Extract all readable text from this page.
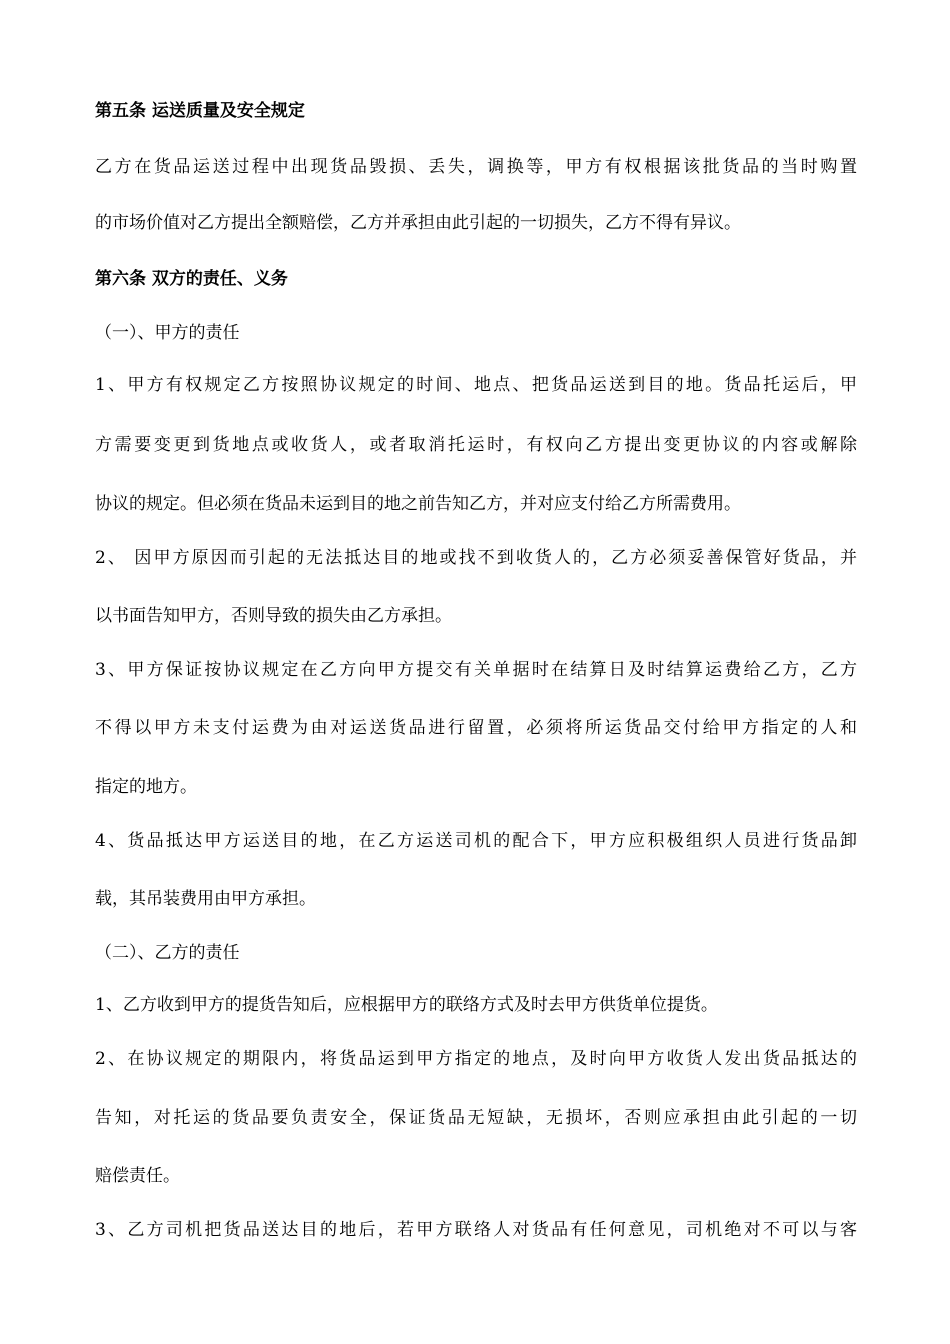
第五条 运送质量及安全规定
乙方在货品运送过程中出现货品毁损、丢失，调换等，甲方有权根据该批货品的当时购置
的市场价值对乙方提出全额赔偿，乙方并承担由此引起的一切损失，乙方不得有异议。
第六条 双方的责任、义务
（一）、甲方的责任
1、甲方有权规定乙方按照协议规定的时间、地点、把货品运送到目的地。货品托运后，甲
方需要变更到货地点或收货人，或者取消托运时，有权向乙方提出变更协议的内容或解除
协议的规定。但必须在货品未运到目的地之前告知乙方，并对应支付给乙方所需费用。
2、 因甲方原因而引起的无法抵达目的地或找不到收货人的，乙方必须妥善保管好货品，并
以书面告知甲方，否则导致的损失由乙方承担。
3、甲方保证按协议规定在乙方向甲方提交有关单据时在结算日及时结算运费给乙方，乙方
不得以甲方未支付运费为由对运送货品进行留置，必须将所运货品交付给甲方指定的人和
指定的地方。
4、货品抵达甲方运送目的地，在乙方运送司机的配合下，甲方应积极组织人员进行货品卸
载，其吊装费用由甲方承担。
（二）、乙方的责任
1、乙方收到甲方的提货告知后，应根据甲方的联络方式及时去甲方供货单位提货。
2、在协议规定的期限内，将货品运到甲方指定的地点，及时向甲方收货人发出货品抵达的
告知，对托运的货品要负责安全，保证货品无短缺，无损坏，否则应承担由此引起的一切
赔偿责任。
3、乙方司机把货品送达目的地后，若甲方联络人对货品有任何意见，司机绝对不可以与客
